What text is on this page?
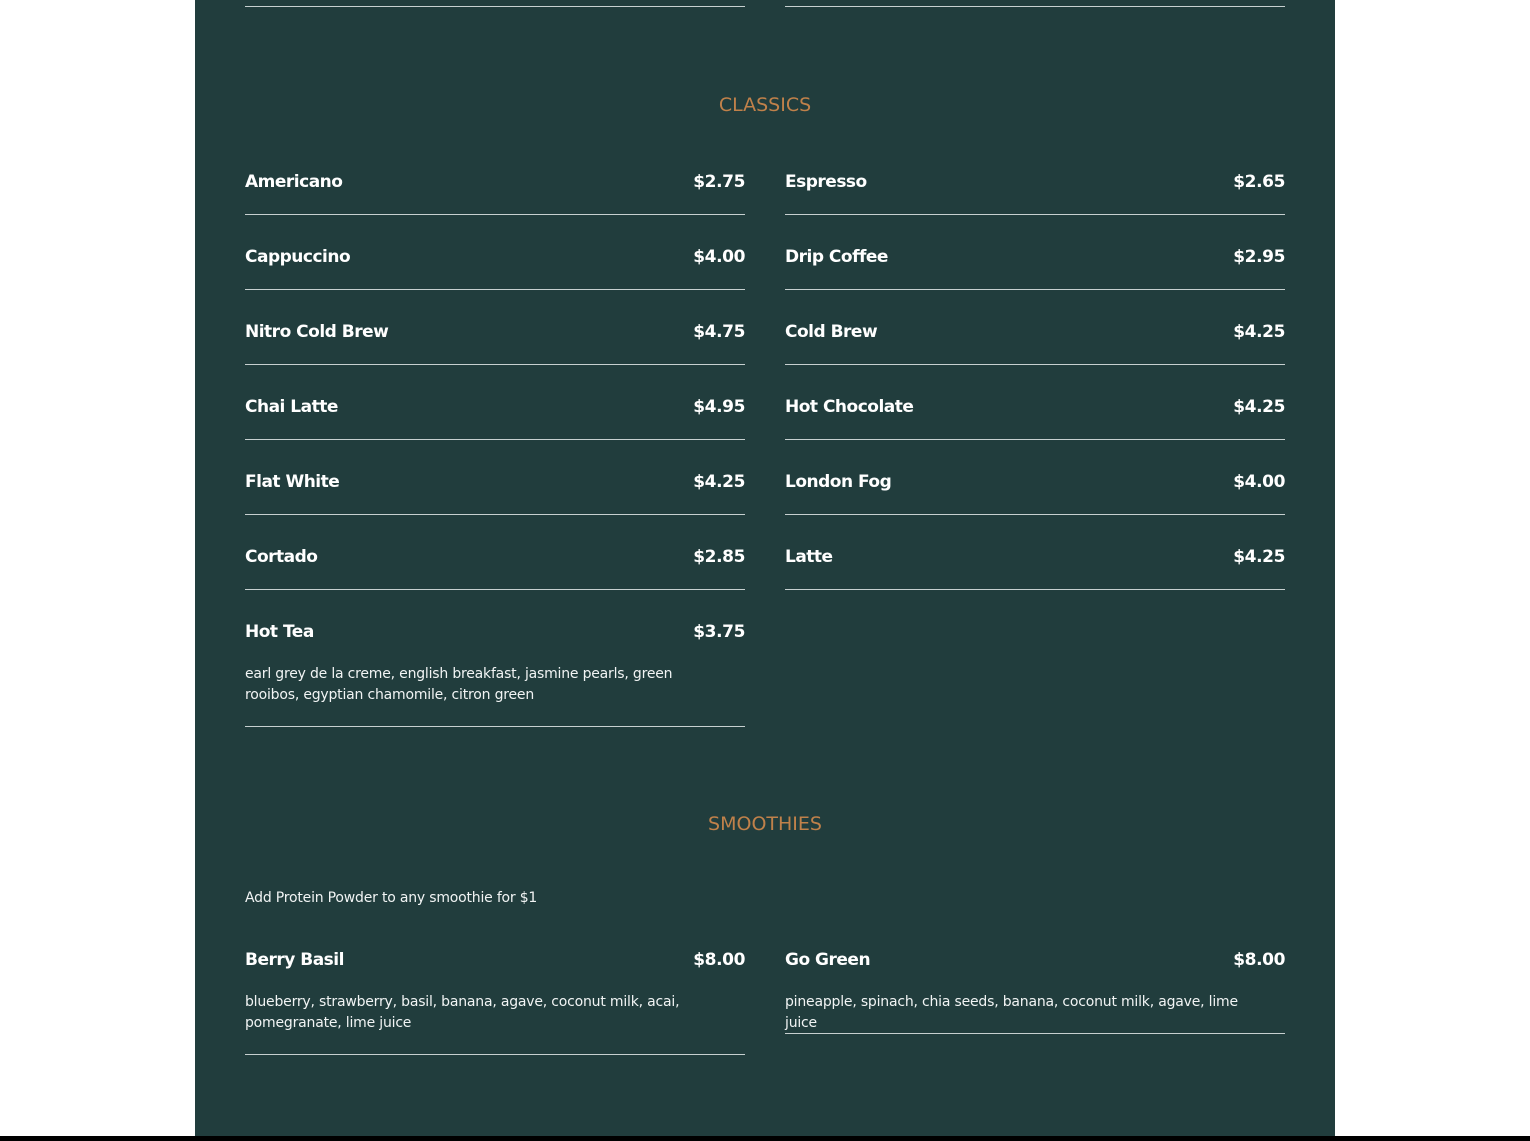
CLASSICS
Americano	$2.75 Espresso	$2.65
Cappuccino	$4.00 Drip Coffee	$2.95
Nitro Cold Brew	$4.75 Cold Brew	$4.25
Chai Latte	$4.95 Hot Chocolate	$4.25
Flat White	$4.25 London Fog	$4.00
Cortado	$2.85 Latte	$4.25
Hot Tea	$3.75
earl grey de la creme, english breakfast, jasmine pearls, green rooibos, egyptian chamomile, citron green
SMOOTHIES
Add Protein Powder to any smoothie for $1
Berry Basil	$8.00
blueberry, strawberry, basil, banana, agave, coconut milk, acai, pomegranate, lime juice
Go Green	$8.00
pineapple, spinach, chia seeds, banana, coconut milk, agave, lime juice
